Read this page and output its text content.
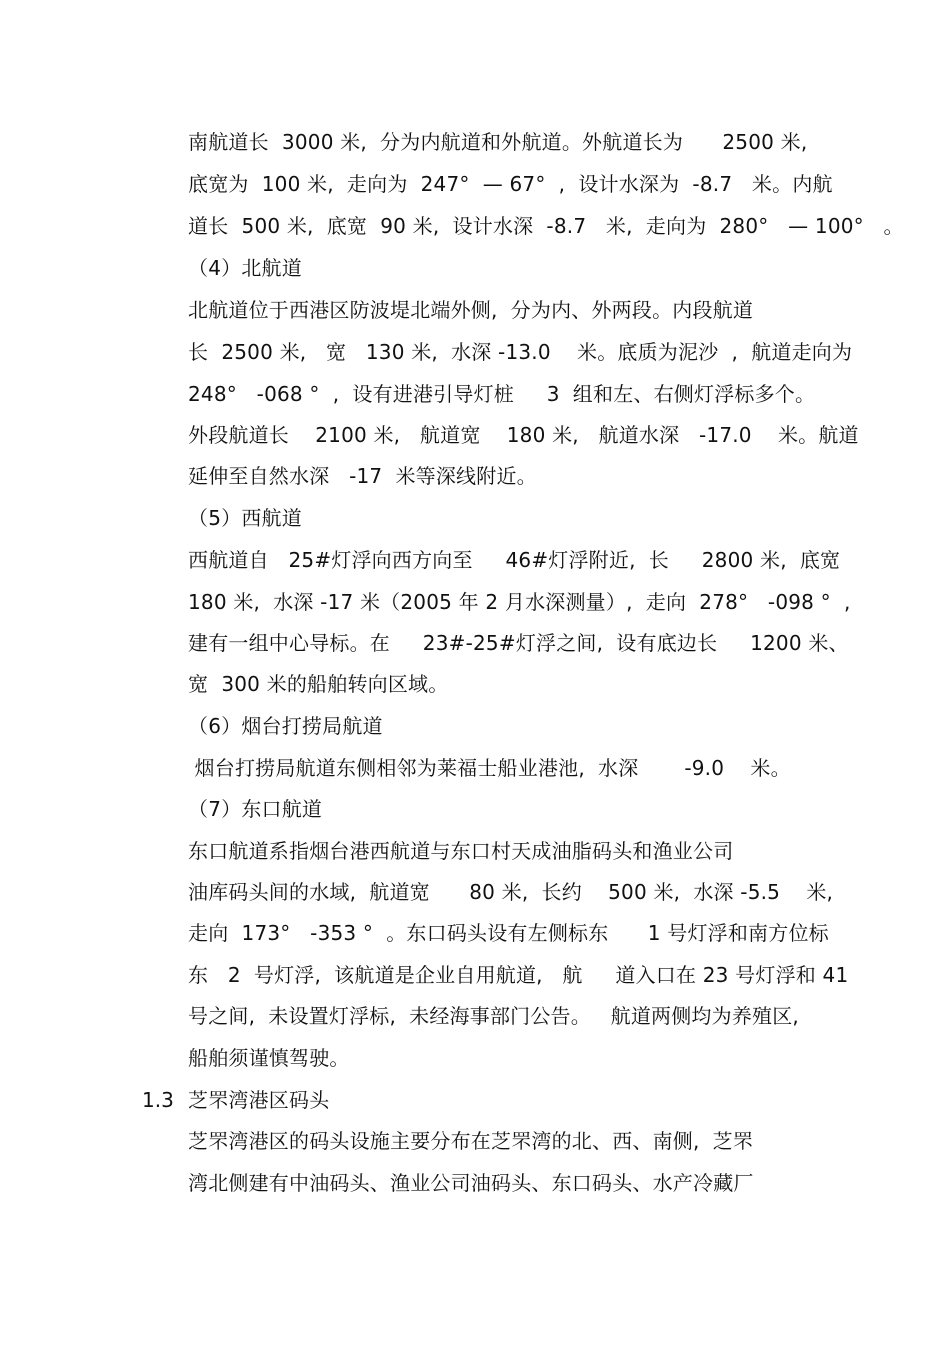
南航道长  3000 米,  分为内航道和外航道。外航道长为      2500 米,
底宽为  100 米,  走向为  247°  — 67°  ,  设计水深为  -8.7   米。内航
道长  500 米,  底宽  90 米,  设计水深  -8.7   米,  走向为  280°   — 100°   。
（4）北航道
北航道位于西港区防波堤北端外侧,  分为内、外两段。内段航道
长  2500 米,   宽   130 米,  水深 -13.0    米。底质为泥沙  ,  航道走向为
248°   -068 °  ,  设有进港引导灯桩     3  组和左、右侧灯浮标多个。
外段航道长    2100 米,   航道宽    180 米,   航道水深   -17.0    米。航道
延伸至自然水深   -17  米等深线附近。
（5）西航道
西航道自   25#灯浮向西方向至     46#灯浮附近,  长     2800 米,  底宽
180 米,  水深 -17 米（2005 年 2 月水深测量）,  走向  278°   -098 °  ,
建有一组中心导标。在     23#-25#灯浮之间,  设有底边长     1200 米、
宽  300 米的船舶转向区域。
（6）烟台打捞局航道
烟台打捞局航道东侧相邻为莱福士船业港池,  水深       -9.0    米。
（7）东口航道
东口航道系指烟台港西航道与东口村天成油脂码头和渔业公司
油库码头间的水域,  航道宽      80 米,  长约    500 米,  水深 -5.5    米,
走向  173°   -353 °  。东口码头设有左侧标东      1 号灯浮和南方位标
东   2  号灯浮,  该航道是企业自用航道,   航     道入口在 23 号灯浮和 41
号之间,  未设置灯浮标,  未经海事部门公告。   航道两侧均为养殖区,
船舶须谨慎驾驶。
1.3 芝罘湾港区码头
芝罘湾港区的码头设施主要分布在芝罘湾的北、西、南侧,  芝罘
湾北侧建有中油码头、渔业公司油码头、东口码头、水产冷藏厂
